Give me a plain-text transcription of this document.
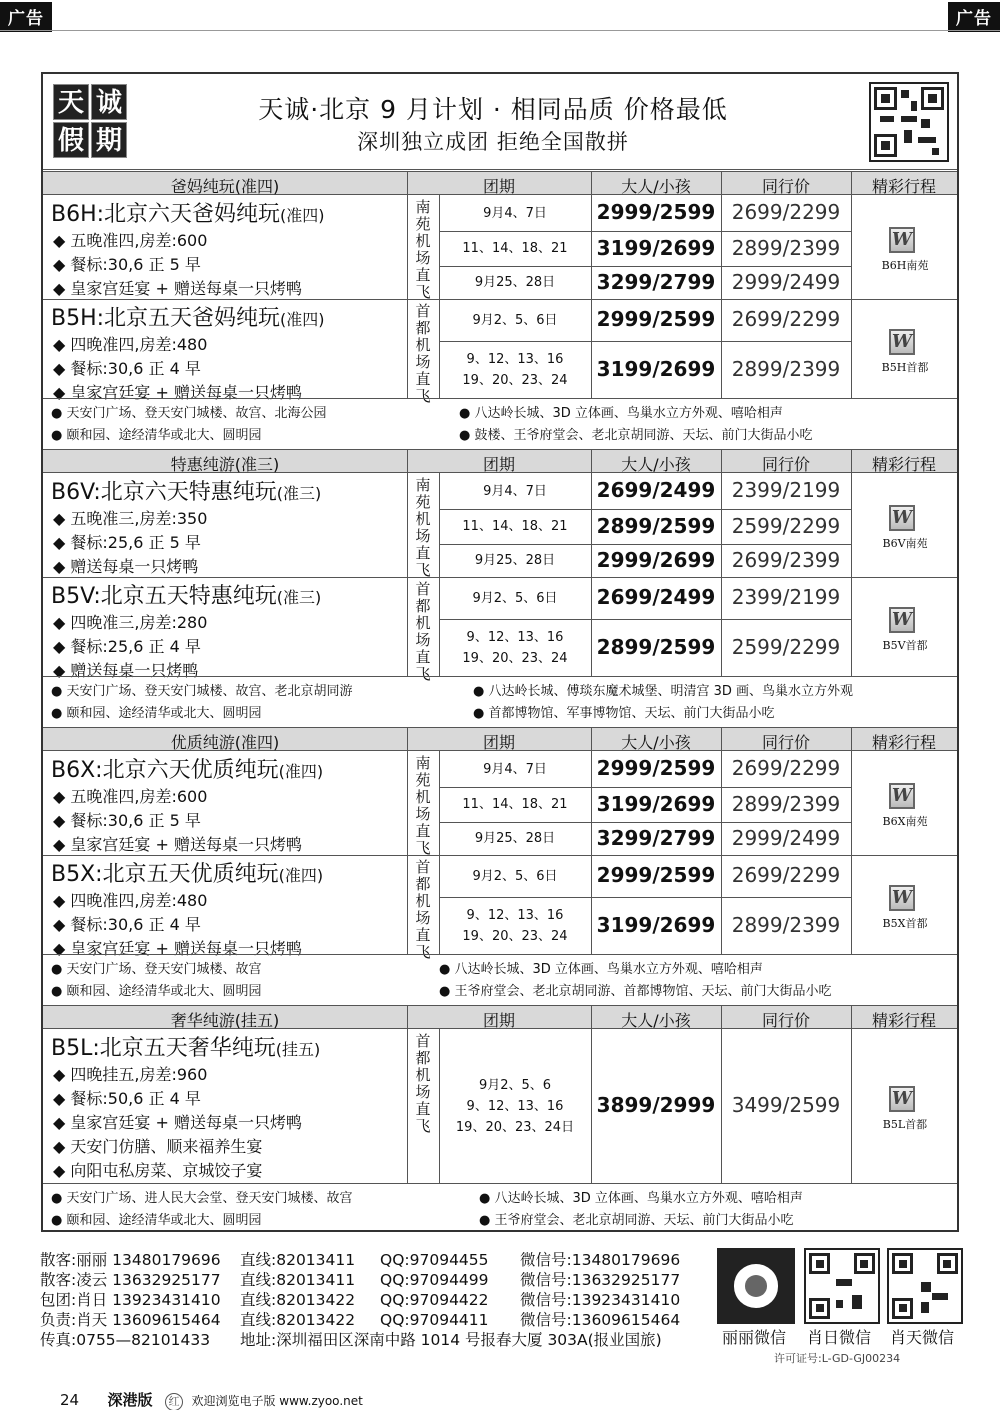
广告	广告
天 诚
假 期
天诚·北京 9 月计划 · 相同品质 价格最低
深圳独立成团 拒绝全国散拼
爸妈纯玩(准四)	团期	大人/小孩	同行价	精彩行程
B6H:北京六天爸妈纯玩(准四)
◆ 五晚准四,房差:600
◆ 餐标:30,6 正 5 早
◆ 皇家宫廷宴 + 赠送每桌一只烤鸭
南苑机场直飞
9月4、7日	2999/2599 2699/2299
11、14、18、21	3199/2699 2899/2399
9月25、28日	3299/2799 2999/2499
W
B6H南苑
B5H:北京五天爸妈纯玩(准四)
◆ 四晚准四,房差:480
◆ 餐标:30,6 正 4 早
◆ 皇家宫廷宴 + 赠送每桌一只烤鸭
首都机场直飞
9月2、5、6日	2999/2599 2699/2299
9、12、13、16
19、20、23、24	3199/2699 2899/2399
W
B5H首都
● 天安门广场、登天安门城楼、故宫、北海公园	● 八达岭长城、3D 立体画、鸟巢水立方外观、嘻哈相声
● 颐和园、途经清华或北大、圆明园	● 鼓楼、王爷府堂会、老北京胡同游、天坛、前门大街品小吃
特惠纯游(准三)	团期	大人/小孩	同行价	精彩行程
B6V:北京六天特惠纯玩(准三)
◆ 五晚准三,房差:350
◆ 餐标:25,6 正 5 早
◆ 赠送每桌一只烤鸭
南苑机场直飞
9月4、7日	2699/2499 2399/2199
11、14、18、21	2899/2599 2599/2299
9月25、28日	2999/2699 2699/2399
W
B6V南苑
B5V:北京五天特惠纯玩(准三)
◆ 四晚准三,房差:280
◆ 餐标:25,6 正 4 早
◆ 赠送每桌一只烤鸭
首都机场直飞
9月2、5、6日	2699/2499 2399/2199
9、12、13、16
19、20、23、24	2899/2599 2599/2299
W
B5V首都
● 天安门广场、登天安门城楼、故宫、老北京胡同游	● 八达岭长城、傅琰东魔术城堡、明清宫 3D 画、鸟巢水立方外观
● 颐和园、途经清华或北大、圆明园	● 首都博物馆、军事博物馆、天坛、前门大街品小吃
优质纯游(准四)	团期	大人/小孩	同行价	精彩行程
B6X:北京六天优质纯玩(准四)
◆ 五晚准四,房差:600
◆ 餐标:30,6 正 5 早
◆ 皇家宫廷宴 + 赠送每桌一只烤鸭
南苑机场直飞
9月4、7日	2999/2599 2699/2299
11、14、18、21	3199/2699 2899/2399
9月25、28日	3299/2799 2999/2499
W
B6X南苑
B5X:北京五天优质纯玩(准四)
◆ 四晚准四,房差:480
◆ 餐标:30,6 正 4 早
◆ 皇家宫廷宴 + 赠送每桌一只烤鸭
首都机场直飞
9月2、5、6日	2999/2599 2699/2299
9、12、13、16
19、20、23、24	3199/2699 2899/2399
W
B5X首都
● 天安门广场、登天安门城楼、故宫	● 八达岭长城、3D 立体画、鸟巢水立方外观、嘻哈相声
● 颐和园、途经清华或北大、圆明园	● 王爷府堂会、老北京胡同游、首都博物馆、天坛、前门大街品小吃
奢华纯游(挂五)	团期	大人/小孩	同行价	精彩行程
B5L:北京五天奢华纯玩(挂五)
◆ 四晚挂五,房差:960
◆ 餐标:50,6 正 4 早
◆ 皇家宫廷宴 + 赠送每桌一只烤鸭
◆ 天安门仿膳、顺来福养生宴
◆ 向阳屯私房菜、京城饺子宴
首都机场直飞
9月2、5、6
9、12、13、16
19、20、23、24日
3899/2999 3499/2599	W
B5L首都
● 天安门广场、进人民大会堂、登天安门城楼、故宫	● 八达岭长城、3D 立体画、鸟巢水立方外观、嘻哈相声
● 颐和园、途经清华或北大、圆明园	● 王爷府堂会、老北京胡同游、天坛、前门大街品小吃
散客:丽丽 13480179696 直线:82013411 QQ:97094455 微信号:13480179696
散客:凌云 13632925177 直线:82013411 QQ:97094499 微信号:13632925177
包团:肖日 13923431410 直线:82013422 QQ:97094422 微信号:13923431410
负责:肖天 13609615464 直线:82013422 QQ:97094411 微信号:13609615464
传真:0755—82101433 地址:深圳福田区深南中路 1014 号报春大厦 303A(报业国旅)	丽丽微信 肖日微信 肖天微信
许可证号:L-GD-GJ00234
24 深港版 红 欢迎浏览电子版 www.zyoo.net
